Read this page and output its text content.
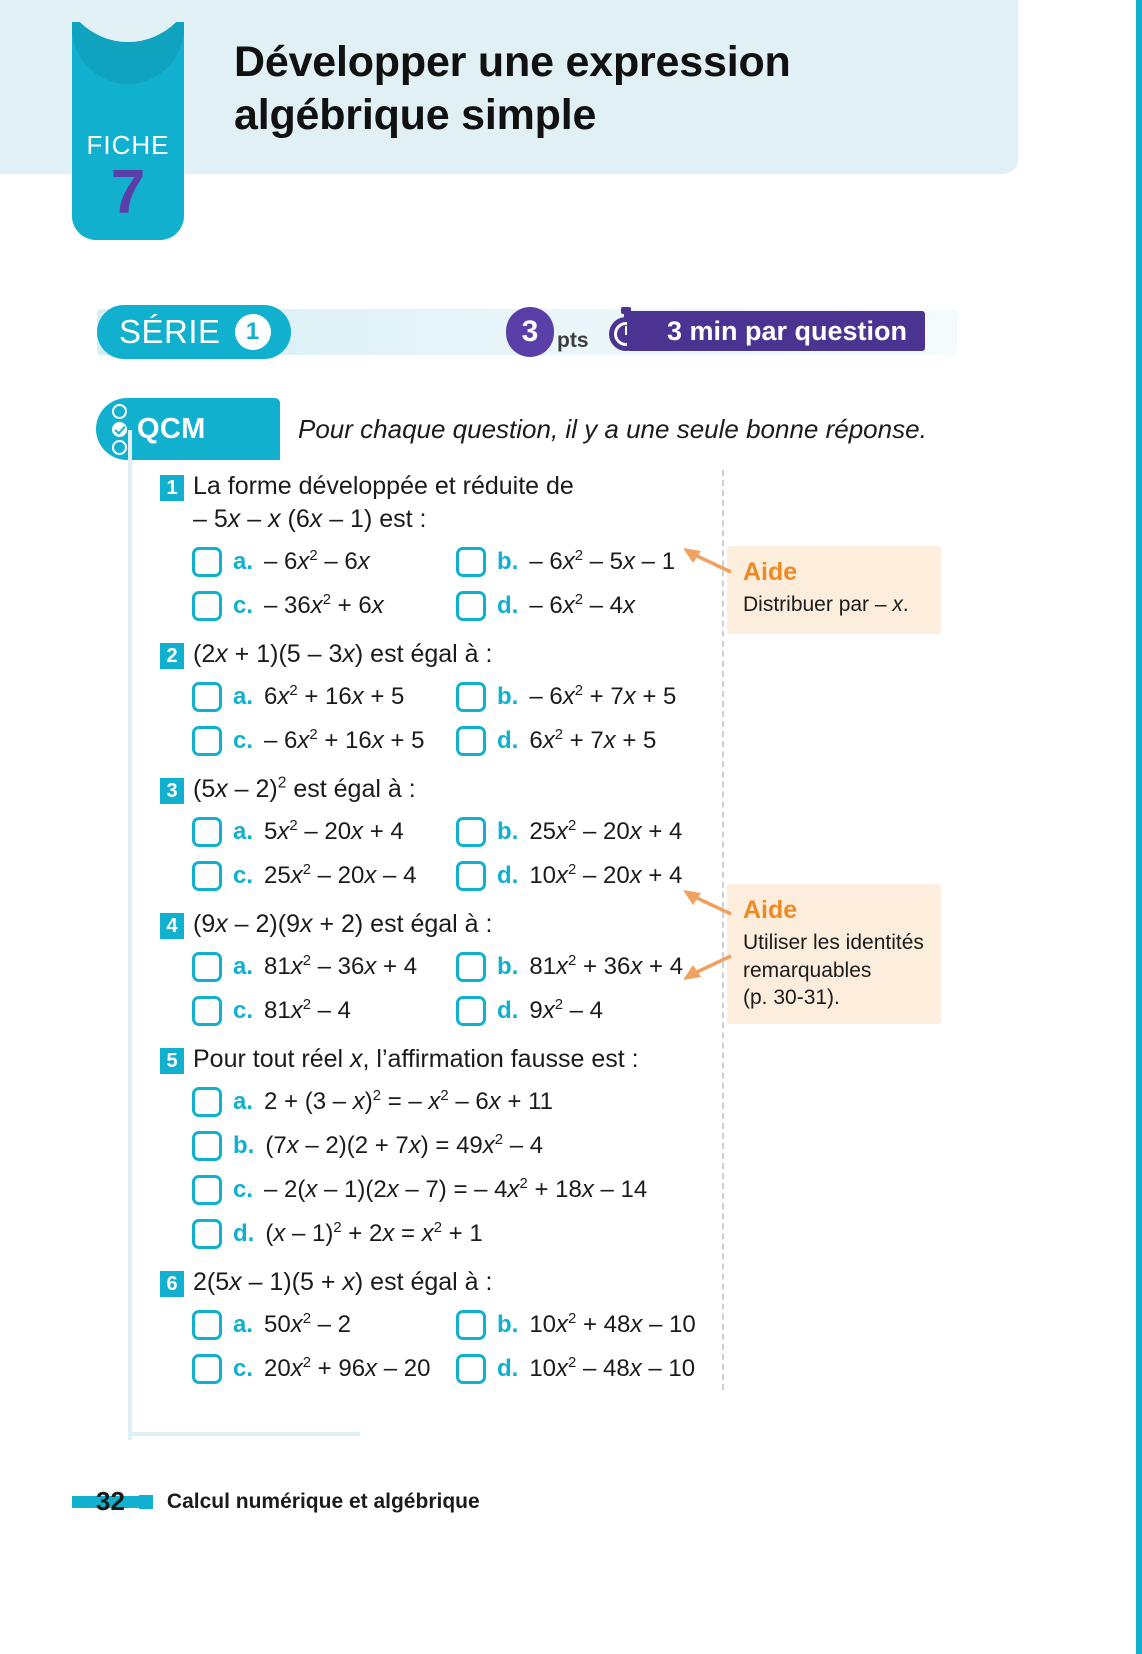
FICHE
7
Développer une expression
algébrique simple
SÉRIE	1	3 pts	3 min par question
QCM	Pour chaque question, il y a une seule bonne réponse.
1 La forme développée et réduite de
– 5x – x (6x – 1) est :
a. – $6x^2 - 6x$	b. – $6x^2 - 5x - 1$
c. – $36x^2 + 6x$	d. – $6x^2 - 4x$
2 (2x + 1)(5 – 3x) est égal à :
a. $6x^2 + 16x + 5$	b. – $6x^2 + 7x + 5$
c. – $6x^2 + 16x + 5$	d. $6x^2 + 7x + 5$
3 (5x – 2)$^2$ est égal à :
a. $5x^2 - 20x + 4$	b. $25x^2 - 20x + 4$
c. $25x^2 - 20x - 4$	d. $10x^2 - 20x + 4$
4 (9x – 2)(9x + 2) est égal à :
a. $81x^2 - 36x + 4$	b. $81x^2 + 36x + 4$
c. $81x^2 - 4$	d. $9x^2 - 4$
5 Pour tout réel x, l’affirmation fausse est :
a. 2 + (3 – x)$^2$ = – $x^2 - 6x + 11$
b. $(7x - 2)(2 + 7x) = 49x^2 - 4$
c. – 2(x – 1)(2x – 7) = – $4x^2 + 18x - 14$
d. $(x - 1)^2 + 2x = x^2 + 1$
6 2(5x – 1)(5 + x) est égal à :
a. $50x^2 - 2$	b. $10x^2 + 48x - 10$
c. $20x^2 + 96x - 20$	d. $10x^2 - 48x - 10$
Aide
Distribuer par – x.
Aide
Utiliser les identités remarquables
(p. 30-31).
32 Calcul numérique et algébrique
